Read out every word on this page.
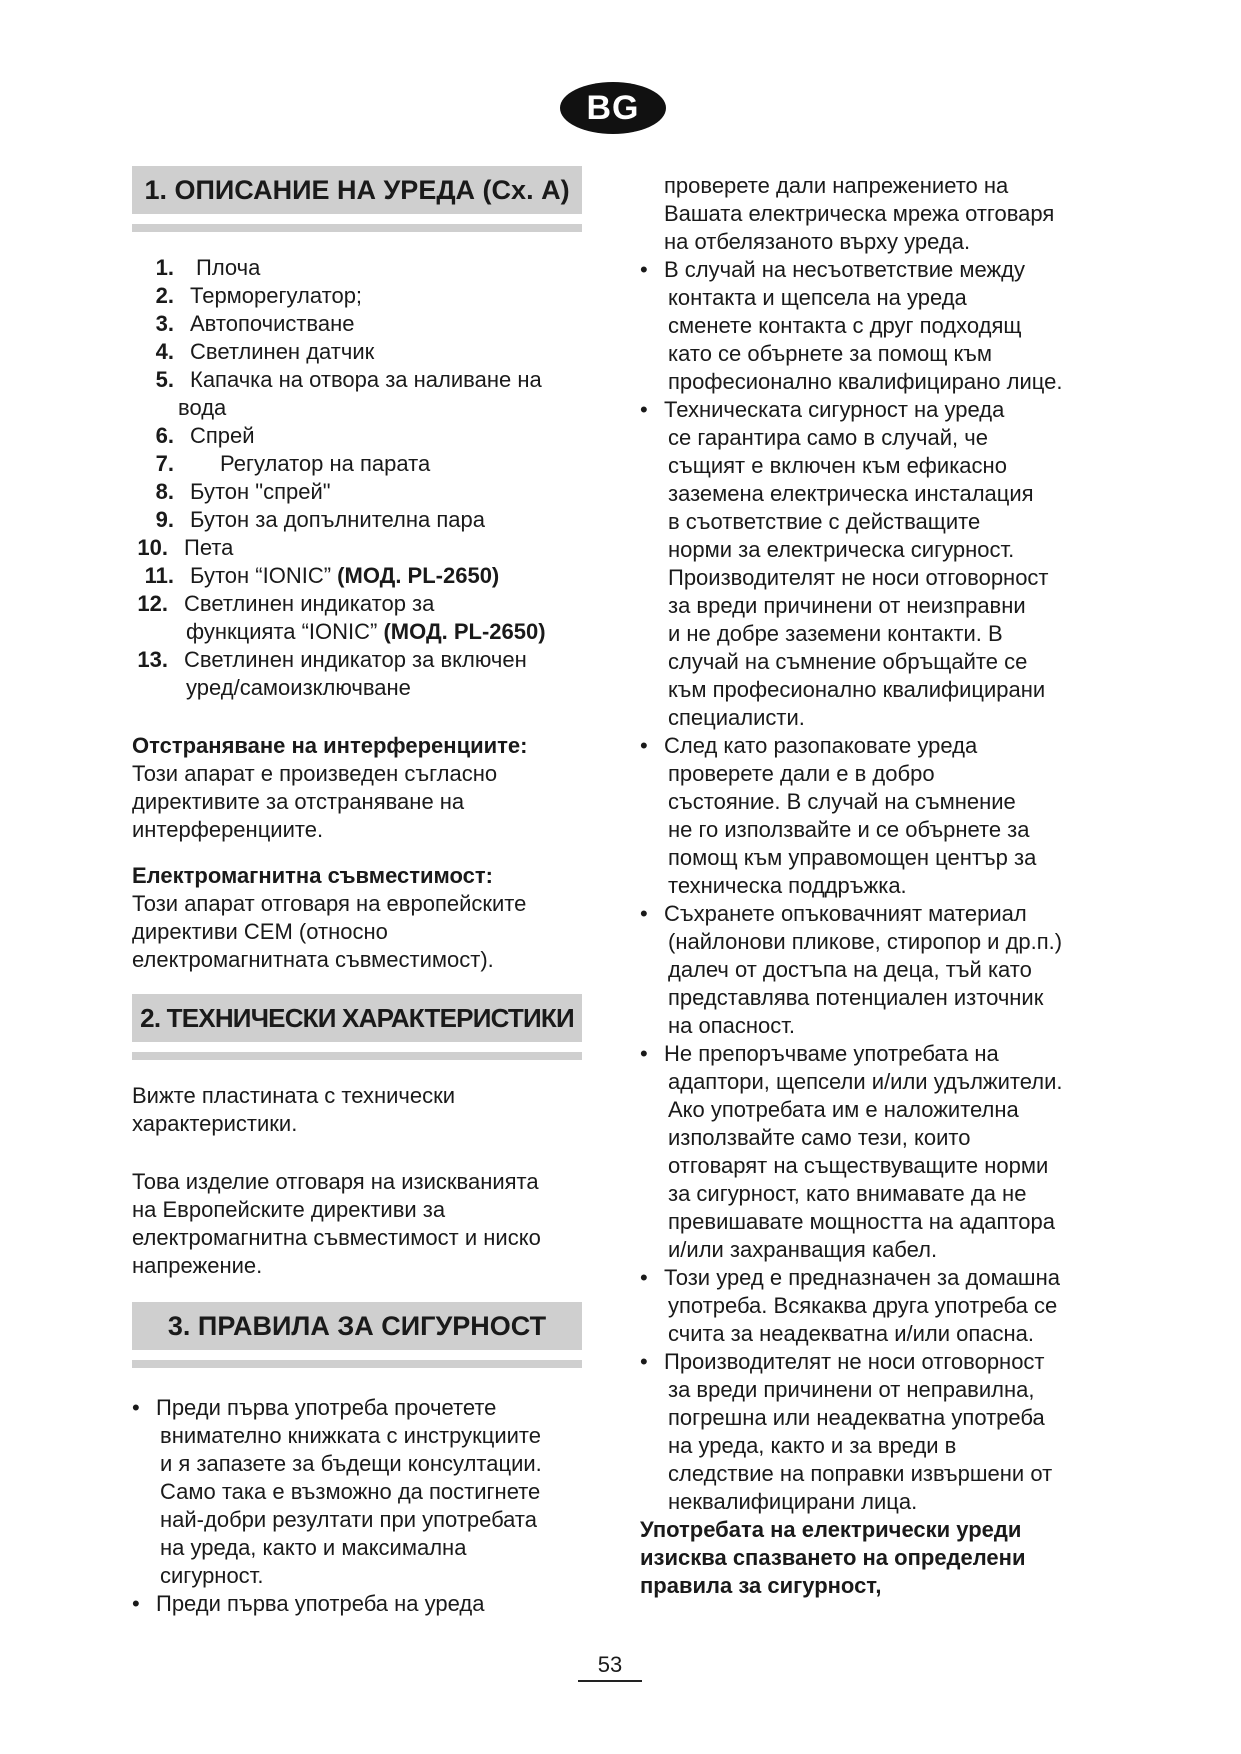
BG
1. ОПИСАНИЕ НА УРЕДА (Сх. А)
1.	Плоча
2. Терморегулатор;
3. Автопочистване
4. Светлинен датчик
5. Капачка на отвора за наливане на
вода
6. Спрей
7.	Регулатор на парата
8. Бутон "спрей"
9. Бутон за допълнителна пара
10. Пета
11. Бутон “IONIC” (МОД. PL-2650)
12. Светлинен индикатор за
функцията “IONIC” (МОД. PL-2650)
13. Светлинен индикатор за включен
уред/самоизключване

Отстраняване на интерференциите:

Този апарат е произведен съгласно
директивите за отстраняване на
интерференциите.

Електромагнитна съвместимост:

Този апарат отговаря на европейските
директиви CEM (относно
електромагнитната съвместимост).

2. ТЕХНИЧЕСКИ ХАРАКТЕРИСТИКИ

Вижте пластината с технически
характеристики.

Това изделие отговаря на изискванията
на Европейските директиви за
електромагнитна съвместимост и ниско
напрежение.

3. ПРАВИЛА ЗА СИГУРНОСТ
• Преди първа употреба прочетете
внимателно книжката с инструкциите
и я запазете за бъдещи консултации.
Само така е възможно да постигнете
най-добри резултати при употребата
на уреда, както и максимална
сигурност.
• Преди първа употреба на уреда
проверете дали напрежението на
Вашата електрическа мрежа отговаря
на отбелязаното върху уреда.
• В случай на несъответствие между
контакта и щепсела на уреда
сменете контакта с друг подходящ
като се обърнете за помощ към
професионално квалифицирано лице.
• Техническата сигурност на уреда
се гарантира само в случай, че
същият е включен към ефикасно
заземена електрическа инсталация
в съответствие с действащите
норми за електрическа сигурност.
Производителят не носи отговорност
за вреди причинени от неизправни
и не добре заземени контакти. В
случай на съмнение обръщайте се
към професионално квалифицирани
специалисти.
• След като разопаковате уреда
проверете дали е в добро
състояние. В случай на съмнение
не го използвайте и се обърнете за
помощ към управомощен център за
техническа поддръжка.
• Съхранете опъковачният материал
(найлонови пликове, стиропор и др.п.)
далеч от достъпа на деца, тъй като
представлява потенциален източник
на опасност.
• Не препоръчваме употребата на
адаптори, щепсели и/или удължители.
Ако употребата им е наложителна
използвайте само тези, които
отговарят на съществуващите норми
за сигурност, като внимавате да не
превишавате мощността на адаптора
и/или захранващия кабел.
• Този уред е предназначен за домашна
употреба. Всякаква друга употреба се
счита за неадекватна и/или опасна.
• Производителят не носи отговорност
за вреди причинени от неправилна,
погрешна или неадекватна употреба
на уреда, както и за вреди в
следствие на поправки извършени от
неквалифицирани лица.

Употребата на електрически уреди
изисква спазването на определени
правила за сигурност,

53
